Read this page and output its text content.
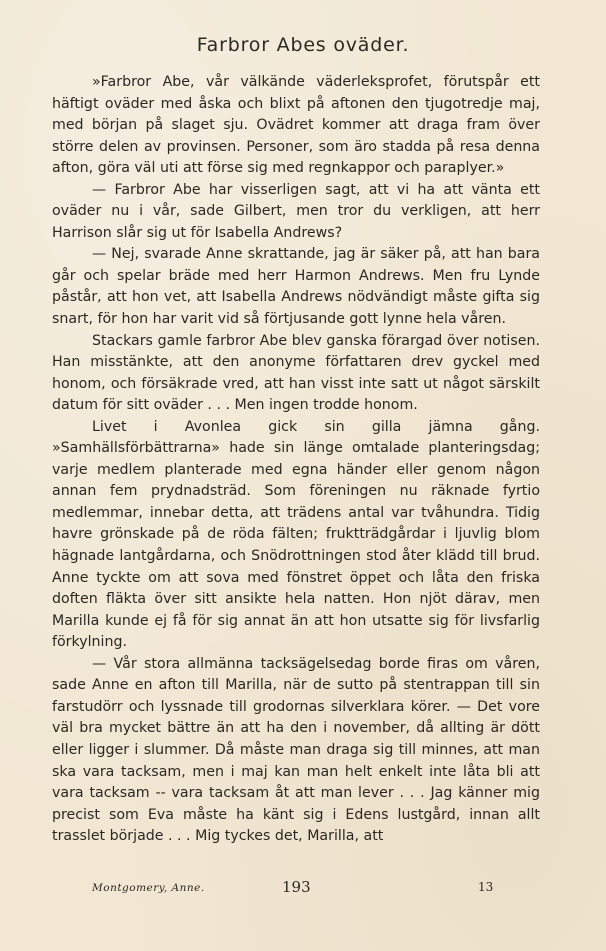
Farbror Abes oväder.

»Farbror Abe, vår välkände väderleksprofet, förutspår ett häftigt oväder med åska och blixt på aftonen den tjugotredje maj, med början på slaget sju. Ovädret kommer att draga fram över större delen av provinsen. Personer, som äro stadda på resa denna afton, göra väl uti att förse sig med regnkappor och paraplyer.»

— Farbror Abe har visserligen sagt, att vi ha att vänta ett oväder nu i vår, sade Gilbert, men tror du verkligen, att herr Harrison slår sig ut för Isabella Andrews?

— Nej, svarade Anne skrattande, jag är säker på, att han bara går och spelar bräde med herr Harmon Andrews. Men fru Lynde påstår, att hon vet, att Isabella Andrews nödvändigt måste gifta sig snart, för hon har varit vid så förtjusande gott lynne hela våren.

Stackars gamle farbror Abe blev ganska förargad över notisen. Han misstänkte, att den anonyme författaren drev gyckel med honom, och försäkrade vred, att han visst inte satt ut något särskilt datum för sitt oväder . . . Men ingen trodde honom.

Livet i Avonlea gick sin gilla jämna gång. »Samhällsförbättrarna» hade sin länge omtalade planteringsdag; varje medlem planterade med egna händer eller genom någon annan fem prydnadsträd. Som föreningen nu räknade fyrtio medlemmar, innebar detta, att trädens antal var tvåhundra. Tidig havre grönskade på de röda fälten; fruktträdgårdar i ljuvlig blom hägnade lantgårdarna, och Snödrottningen stod åter klädd till brud. Anne tyckte om att sova med fönstret öppet och låta den friska doften fläkta över sitt ansikte hela natten. Hon njöt därav, men Marilla kunde ej få för sig annat än att hon utsatte sig för livsfarlig förkylning.

— Vår stora allmänna tacksägelsedag borde firas om våren, sade Anne en afton till Marilla, när de sutto på stentrappan till sin farstudörr och lyssnade till grodornas silverklara körer. — Det vore väl bra mycket bättre än att ha den i november, då allting är dött eller ligger i slummer. Då måste man draga sig till minnes, att man ska vara tacksam, men i maj kan man helt enkelt inte låta bli att vara tacksam -- vara tacksam åt att man lever . . . Jag känner mig precist som Eva måste ha känt sig i Edens lustgård, innan allt trasslet började . . . Mig tyckes det, Marilla, att

Montgomery, Anne.	193	13
